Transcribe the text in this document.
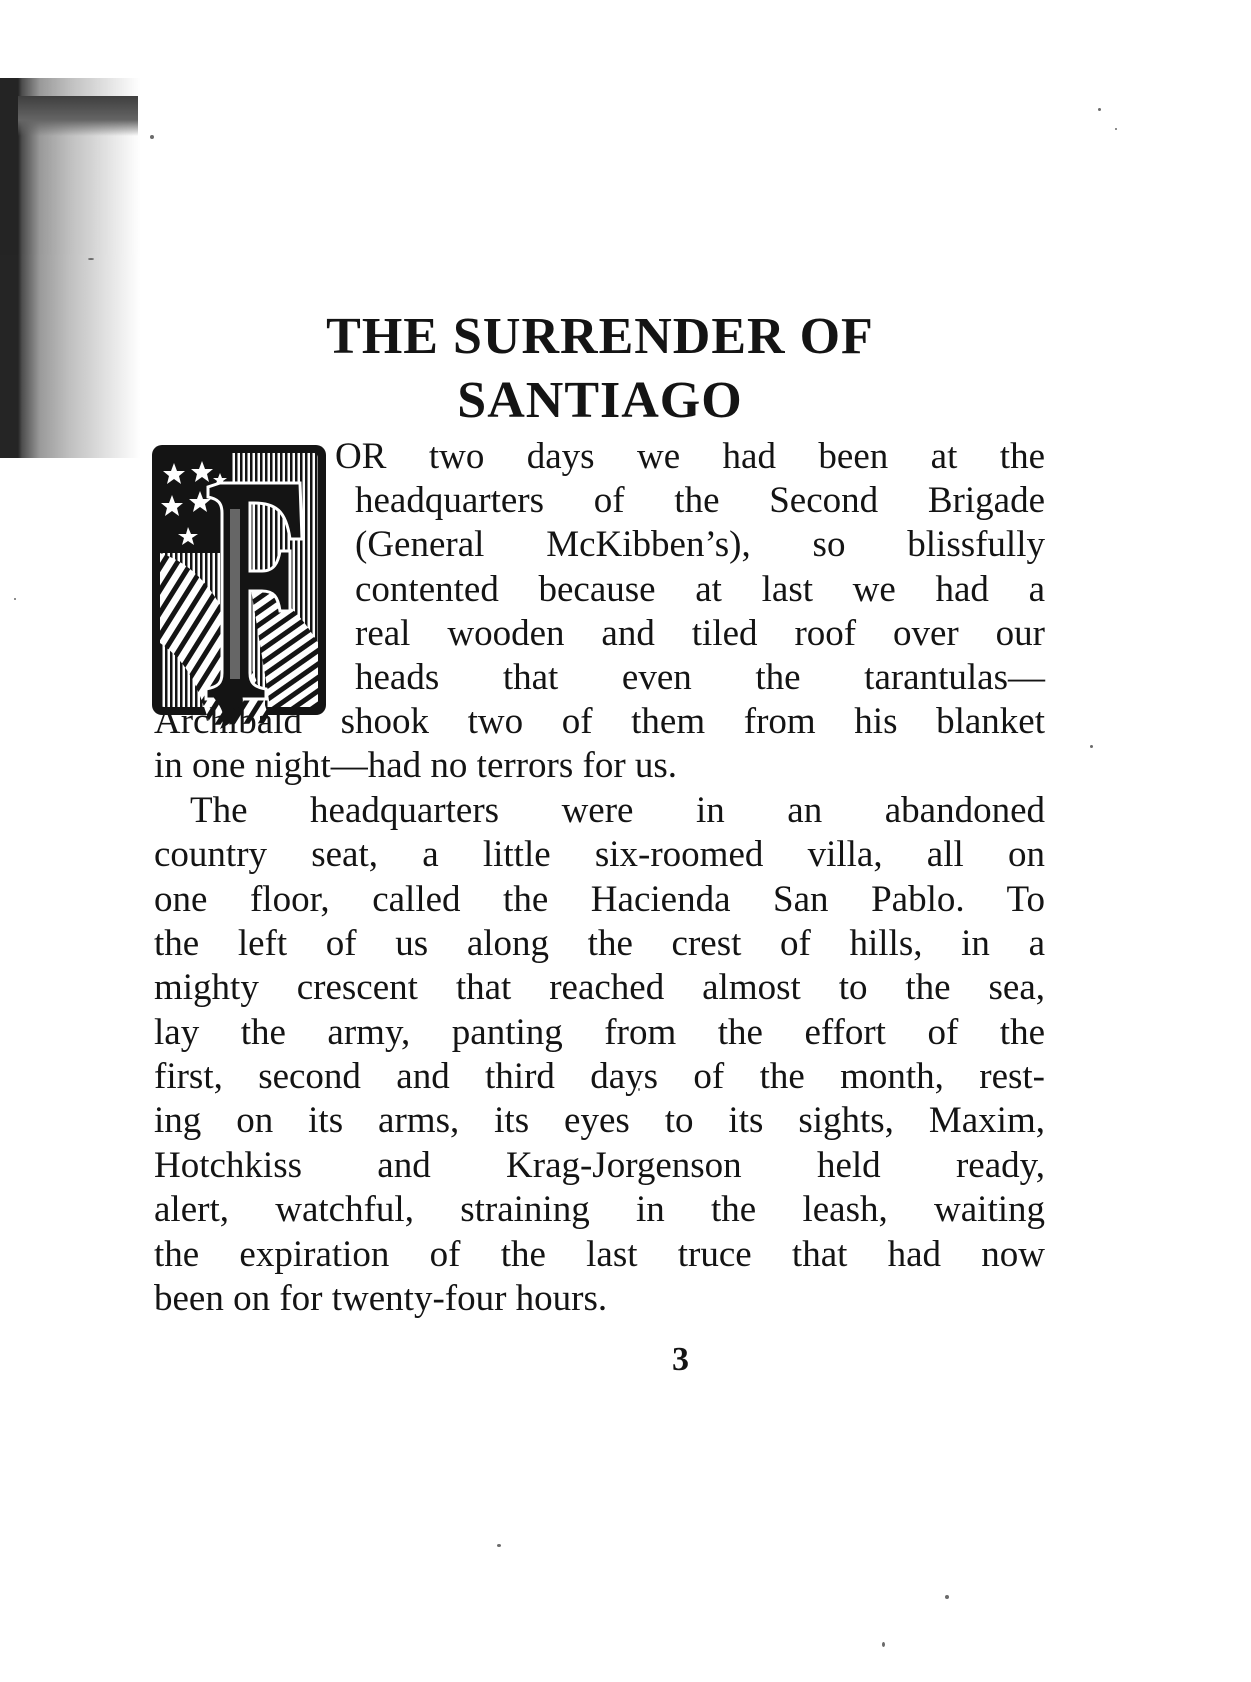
THE SURRENDER OF
SANTIAGO
OR two days we had been at the
headquarters of the Second Brigade
(General McKibben’s), so blissfully
contented because at last we had a
real wooden and tiled roof over our
heads that even the tarantulas—
Archibald shook two of them from his blanket
in one night—had no terrors for us.
The headquarters were in an abandoned
country seat, a little six-roomed villa, all on
one floor, called the Hacienda San Pablo. To
the left of us along the crest of hills, in a
mighty crescent that reached almost to the sea,
lay the army, panting from the effort of the
first, second and third days of the month, rest-
ing on its arms, its eyes to its sights, Maxim,
Hotchkiss and Krag-Jorgenson held ready,
alert, watchful, straining in the leash, waiting
the expiration of the last truce that had now
been on for twenty-four hours.
3
